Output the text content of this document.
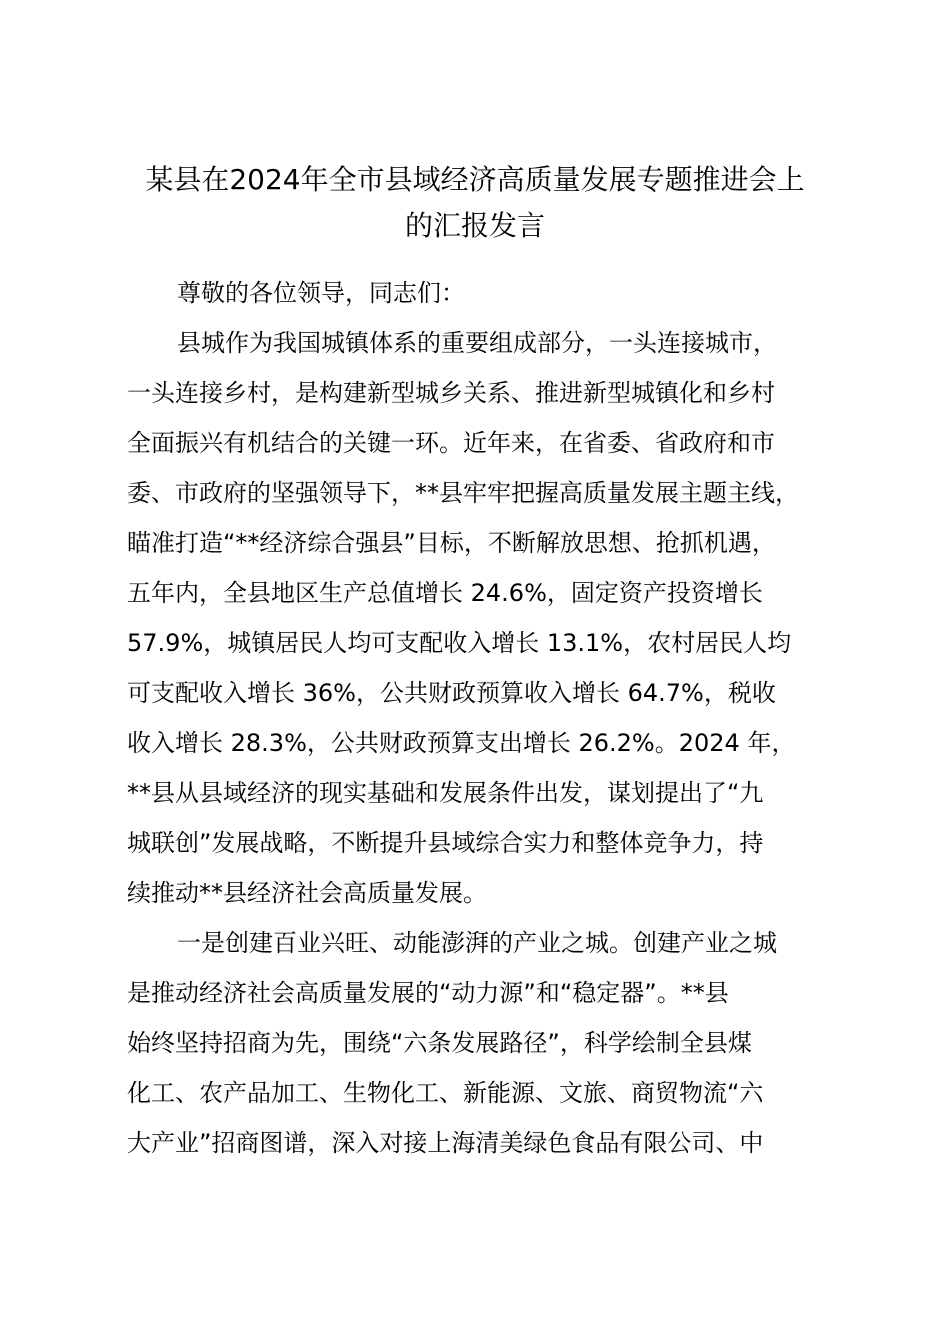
某县在2024年全市县域经济高质量发展专题推进会上
的汇报发言
尊敬的各位领导，同志们：
县城作为我国城镇体系的重要组成部分，一头连接城市，
一头连接乡村，是构建新型城乡关系、推进新型城镇化和乡村
全面振兴有机结合的关键一环。近年来，在省委、省政府和市
委、市政府的坚强领导下，**县牢牢把握高质量发展主题主线，
瞄准打造“**经济综合强县”目标，不断解放思想、抢抓机遇，
五年内，全县地区生产总值增长 24.6%，固定资产投资增长
57.9%，城镇居民人均可支配收入增长 13.1%，农村居民人均
可支配收入增长 36%，公共财政预算收入增长 64.7%，税收
收入增长 28.3%，公共财政预算支出增长 26.2%。2024 年，
**县从县域经济的现实基础和发展条件出发，谋划提出了“九
城联创”发展战略，不断提升县域综合实力和整体竞争力，持
续推动**县经济社会高质量发展。
一是创建百业兴旺、动能澎湃的产业之城。创建产业之城
是推动经济社会高质量发展的“动力源”和“稳定器”。**县
始终坚持招商为先，围绕“六条发展路径”，科学绘制全县煤
化工、农产品加工、生物化工、新能源、文旅、商贸物流“六
大产业”招商图谱，深入对接上海清美绿色食品有限公司、中
